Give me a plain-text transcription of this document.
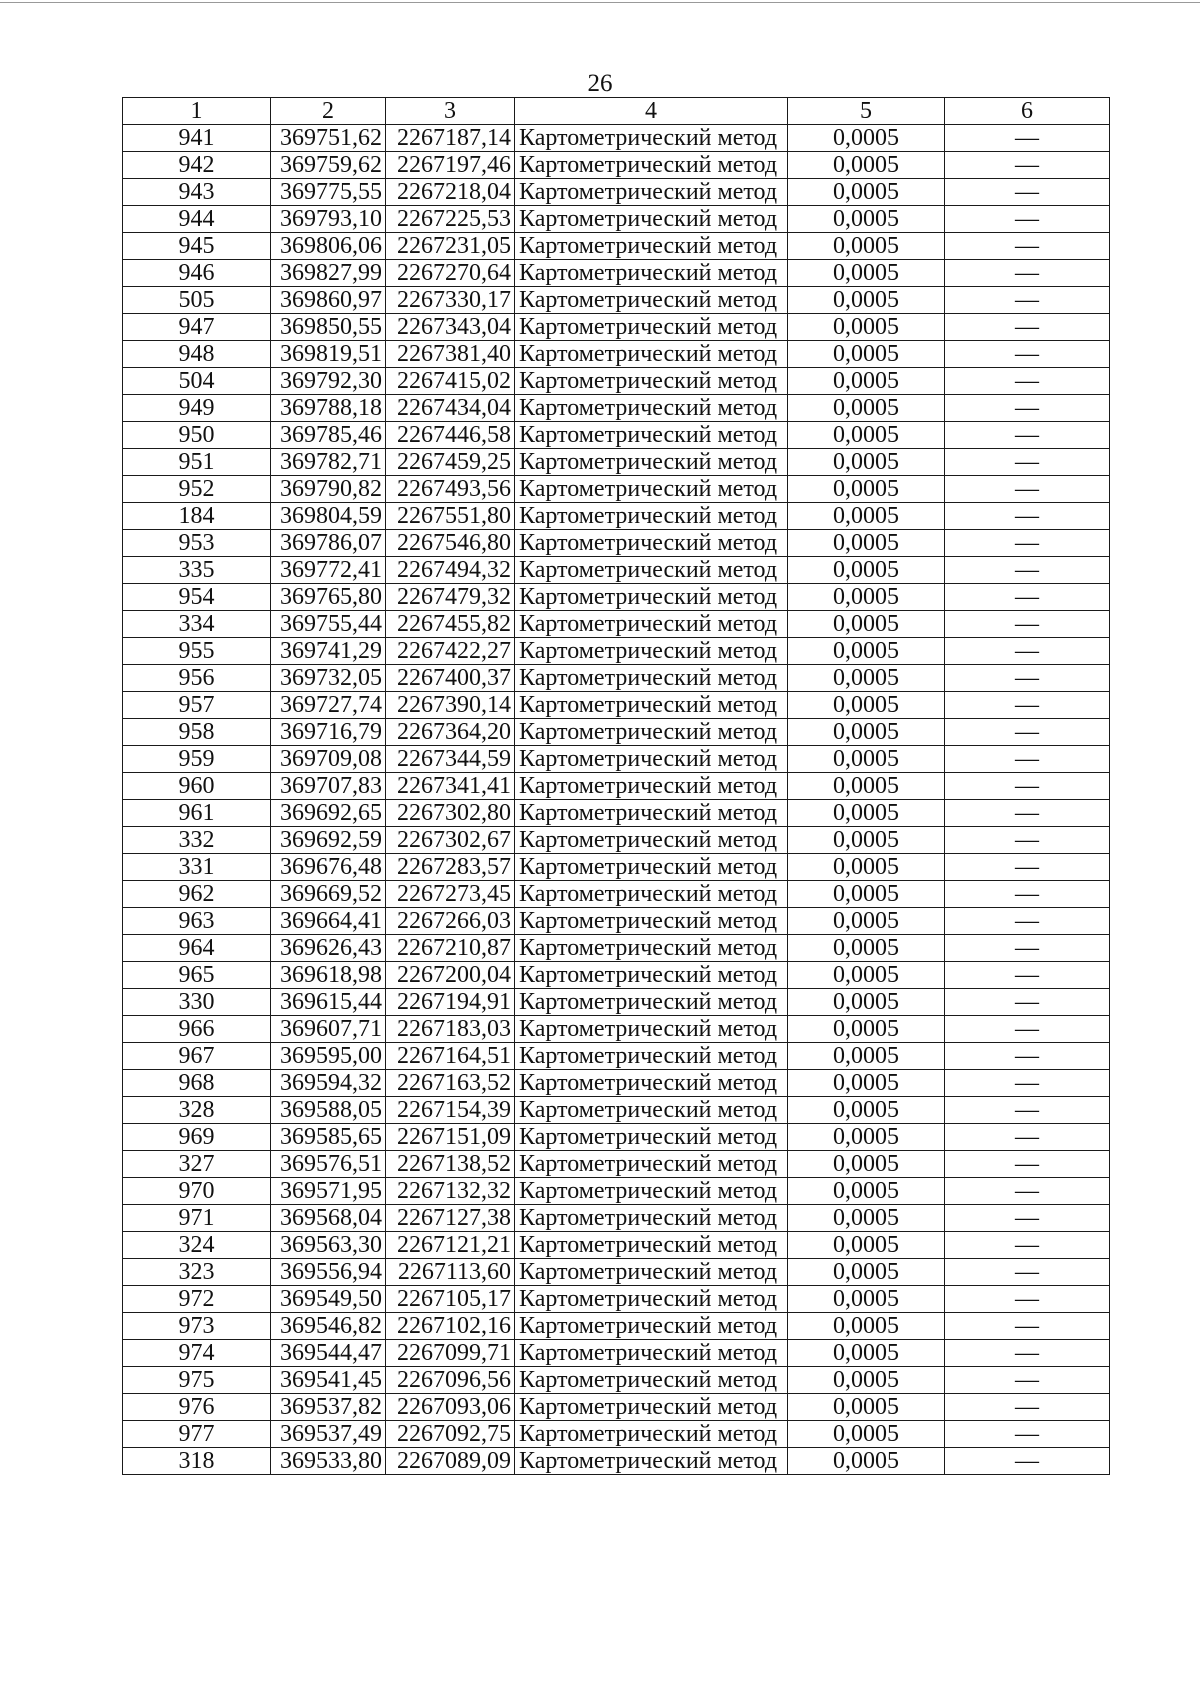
26
1	2	3	4	5	6
941	369751,62	2267187,14	Картометрический метод	0,0005	—
942	369759,62	2267197,46	Картометрический метод	0,0005	—
943	369775,55	2267218,04	Картометрический метод	0,0005	—
944	369793,10	2267225,53	Картометрический метод	0,0005	—
945	369806,06	2267231,05	Картометрический метод	0,0005	—
946	369827,99	2267270,64	Картометрический метод	0,0005	—
505	369860,97	2267330,17	Картометрический метод	0,0005	—
947	369850,55	2267343,04	Картометрический метод	0,0005	—
948	369819,51	2267381,40	Картометрический метод	0,0005	—
504	369792,30	2267415,02	Картометрический метод	0,0005	—
949	369788,18	2267434,04	Картометрический метод	0,0005	—
950	369785,46	2267446,58	Картометрический метод	0,0005	—
951	369782,71	2267459,25	Картометрический метод	0,0005	—
952	369790,82	2267493,56	Картометрический метод	0,0005	—
184	369804,59	2267551,80	Картометрический метод	0,0005	—
953	369786,07	2267546,80	Картометрический метод	0,0005	—
335	369772,41	2267494,32	Картометрический метод	0,0005	—
954	369765,80	2267479,32	Картометрический метод	0,0005	—
334	369755,44	2267455,82	Картометрический метод	0,0005	—
955	369741,29	2267422,27	Картометрический метод	0,0005	—
956	369732,05	2267400,37	Картометрический метод	0,0005	—
957	369727,74	2267390,14	Картометрический метод	0,0005	—
958	369716,79	2267364,20	Картометрический метод	0,0005	—
959	369709,08	2267344,59	Картометрический метод	0,0005	—
960	369707,83	2267341,41	Картометрический метод	0,0005	—
961	369692,65	2267302,80	Картометрический метод	0,0005	—
332	369692,59	2267302,67	Картометрический метод	0,0005	—
331	369676,48	2267283,57	Картометрический метод	0,0005	—
962	369669,52	2267273,45	Картометрический метод	0,0005	—
963	369664,41	2267266,03	Картометрический метод	0,0005	—
964	369626,43	2267210,87	Картометрический метод	0,0005	—
965	369618,98	2267200,04	Картометрический метод	0,0005	—
330	369615,44	2267194,91	Картометрический метод	0,0005	—
966	369607,71	2267183,03	Картометрический метод	0,0005	—
967	369595,00	2267164,51	Картометрический метод	0,0005	—
968	369594,32	2267163,52	Картометрический метод	0,0005	—
328	369588,05	2267154,39	Картометрический метод	0,0005	—
969	369585,65	2267151,09	Картометрический метод	0,0005	—
327	369576,51	2267138,52	Картометрический метод	0,0005	—
970	369571,95	2267132,32	Картометрический метод	0,0005	—
971	369568,04	2267127,38	Картометрический метод	0,0005	—
324	369563,30	2267121,21	Картометрический метод	0,0005	—
323	369556,94	2267113,60	Картометрический метод	0,0005	—
972	369549,50	2267105,17	Картометрический метод	0,0005	—
973	369546,82	2267102,16	Картометрический метод	0,0005	—
974	369544,47	2267099,71	Картометрический метод	0,0005	—
975	369541,45	2267096,56	Картометрический метод	0,0005	—
976	369537,82	2267093,06	Картометрический метод	0,0005	—
977	369537,49	2267092,75	Картометрический метод	0,0005	—
318	369533,80	2267089,09	Картометрический метод	0,0005	—
